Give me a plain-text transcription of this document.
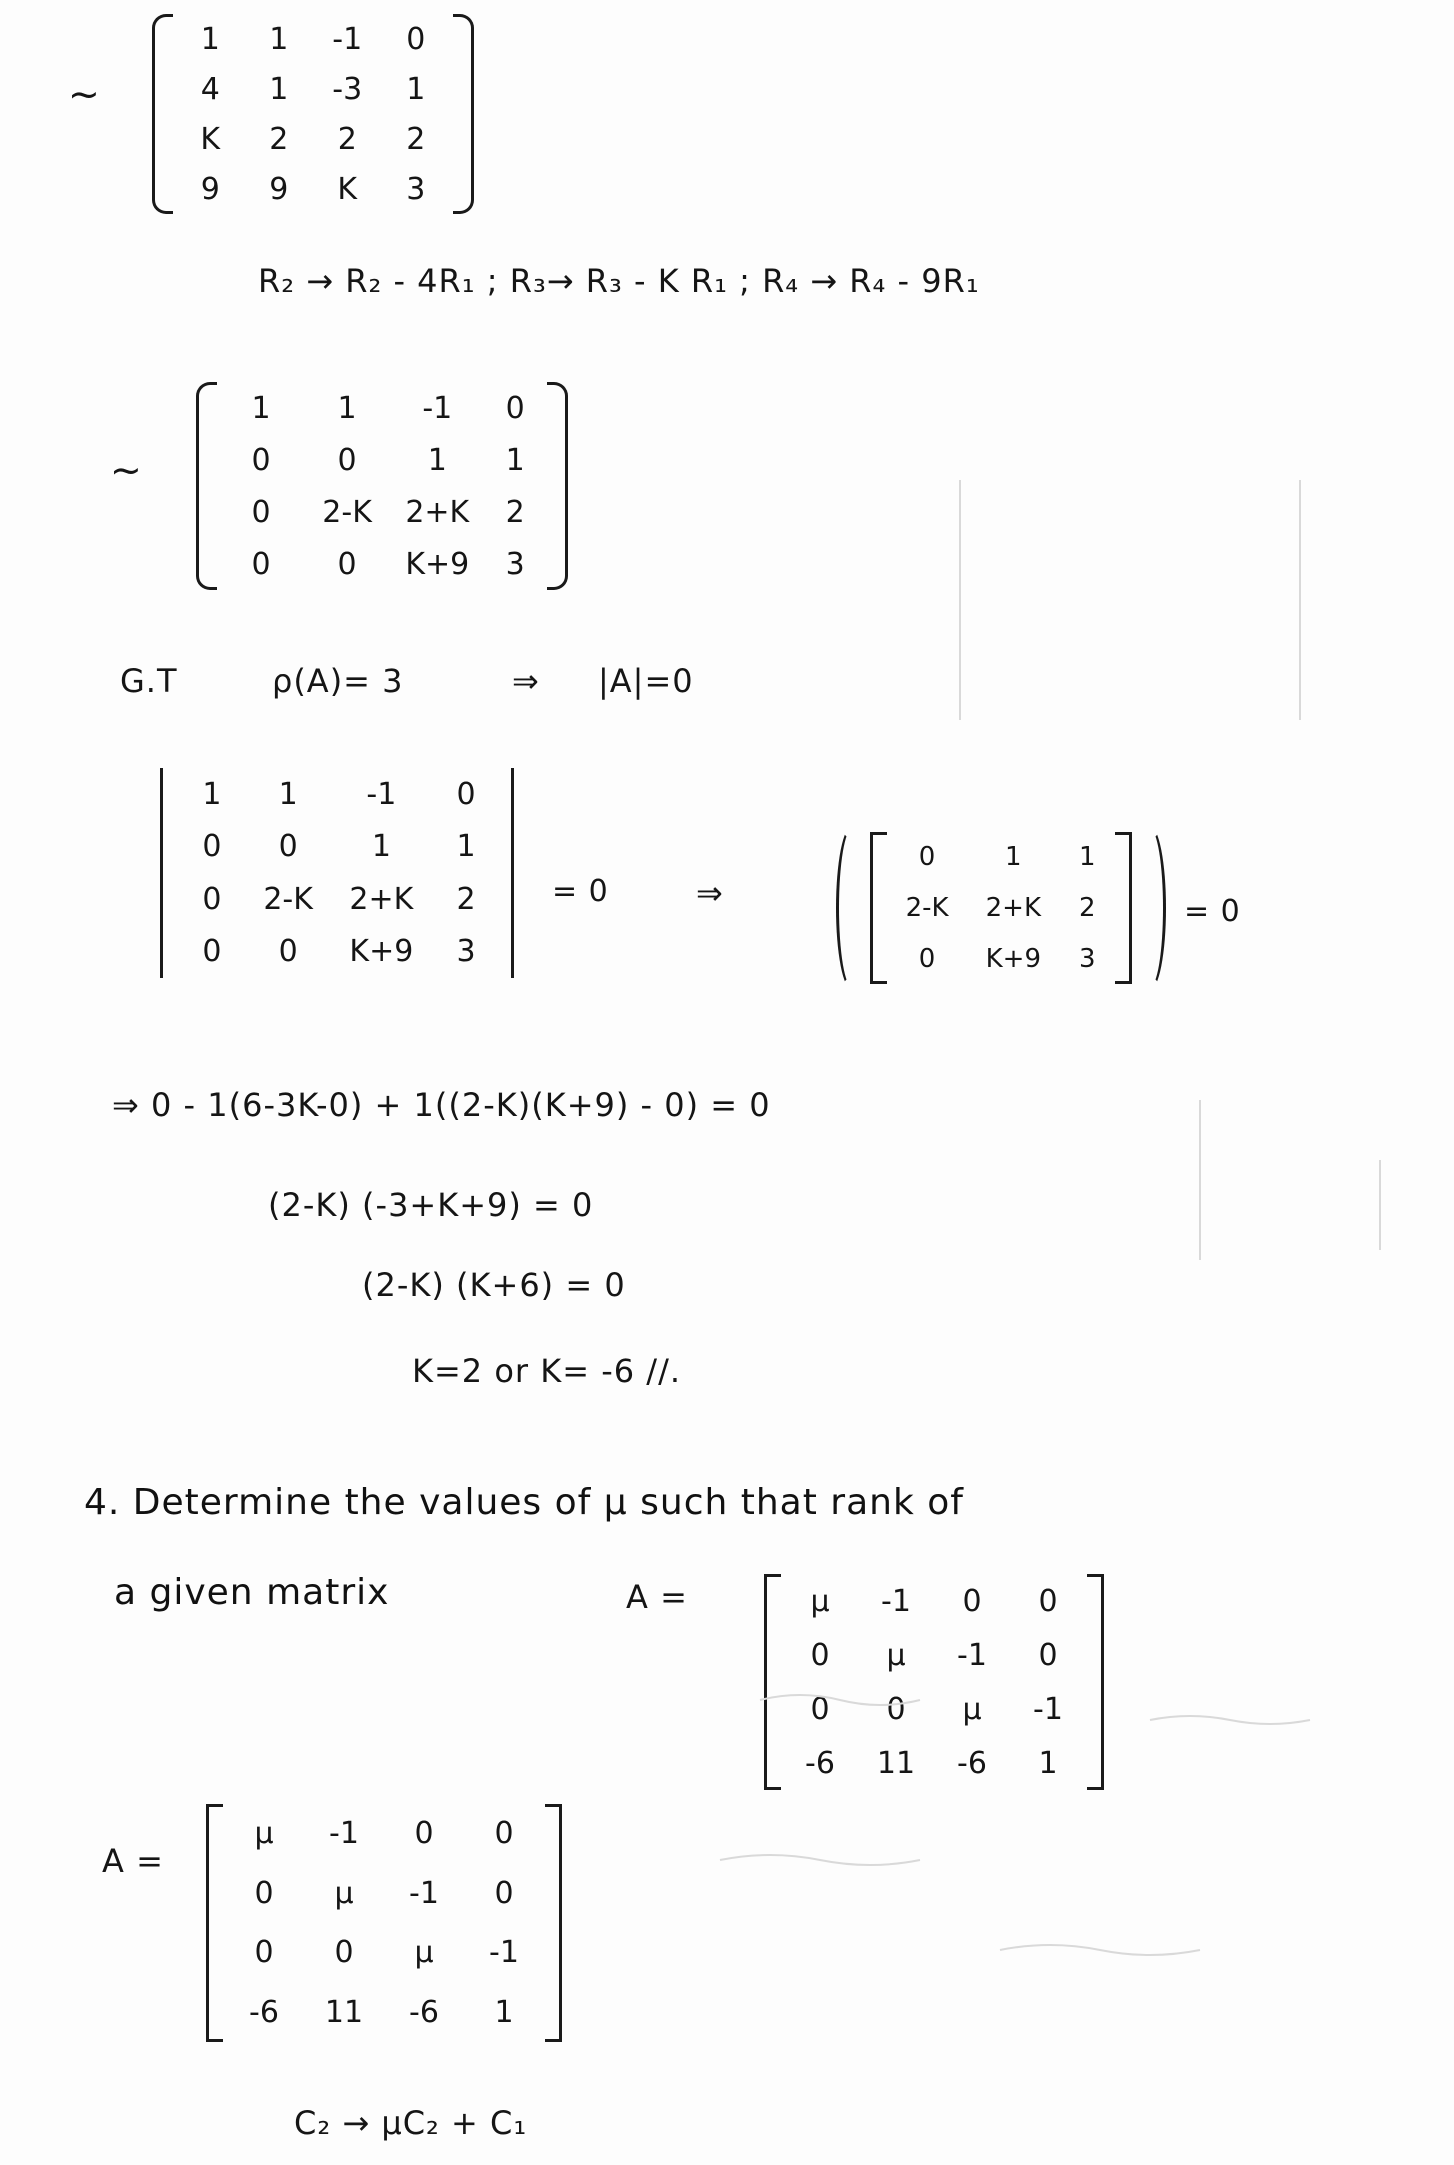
~
1	1	-1	0
4	1	-3	1
K	2	2	2
9	9	K	3
R₂ → R₂ - 4R₁ ; R₃→ R₃ - K R₁ ; R₄ → R₄ - 9R₁
~
1	1	-1	0
0	0	1	1
0	2-K	2+K	2
0	0	K+9	3
G.T	ρ(A)= 3	⇒ |A|=0
1	1	-1	0
0	0	1	1
0	2-K	2+K	2
0	0	K+9	3
= 0	⇒
0	1	1
2-K	2+K	2
0	K+9	3
= 0
⇒ 0 - 1(6-3K-0) + 1((2-K)(K+9) - 0) = 0
(2-K) (-3+K+9) = 0
(2-K) (K+6) = 0
K=2 or K= -6 //.
4. Determine the values of μ such that rank of
a given matrix	A =	μ	-1	0	0
0	μ	-1	0
0	0	μ	-1
-6	11	-6	1
A =
μ	-1	0	0
0	μ	-1	0
0	0	μ	-1
-6	11	-6	1
C₂ → μC₂ + C₁
